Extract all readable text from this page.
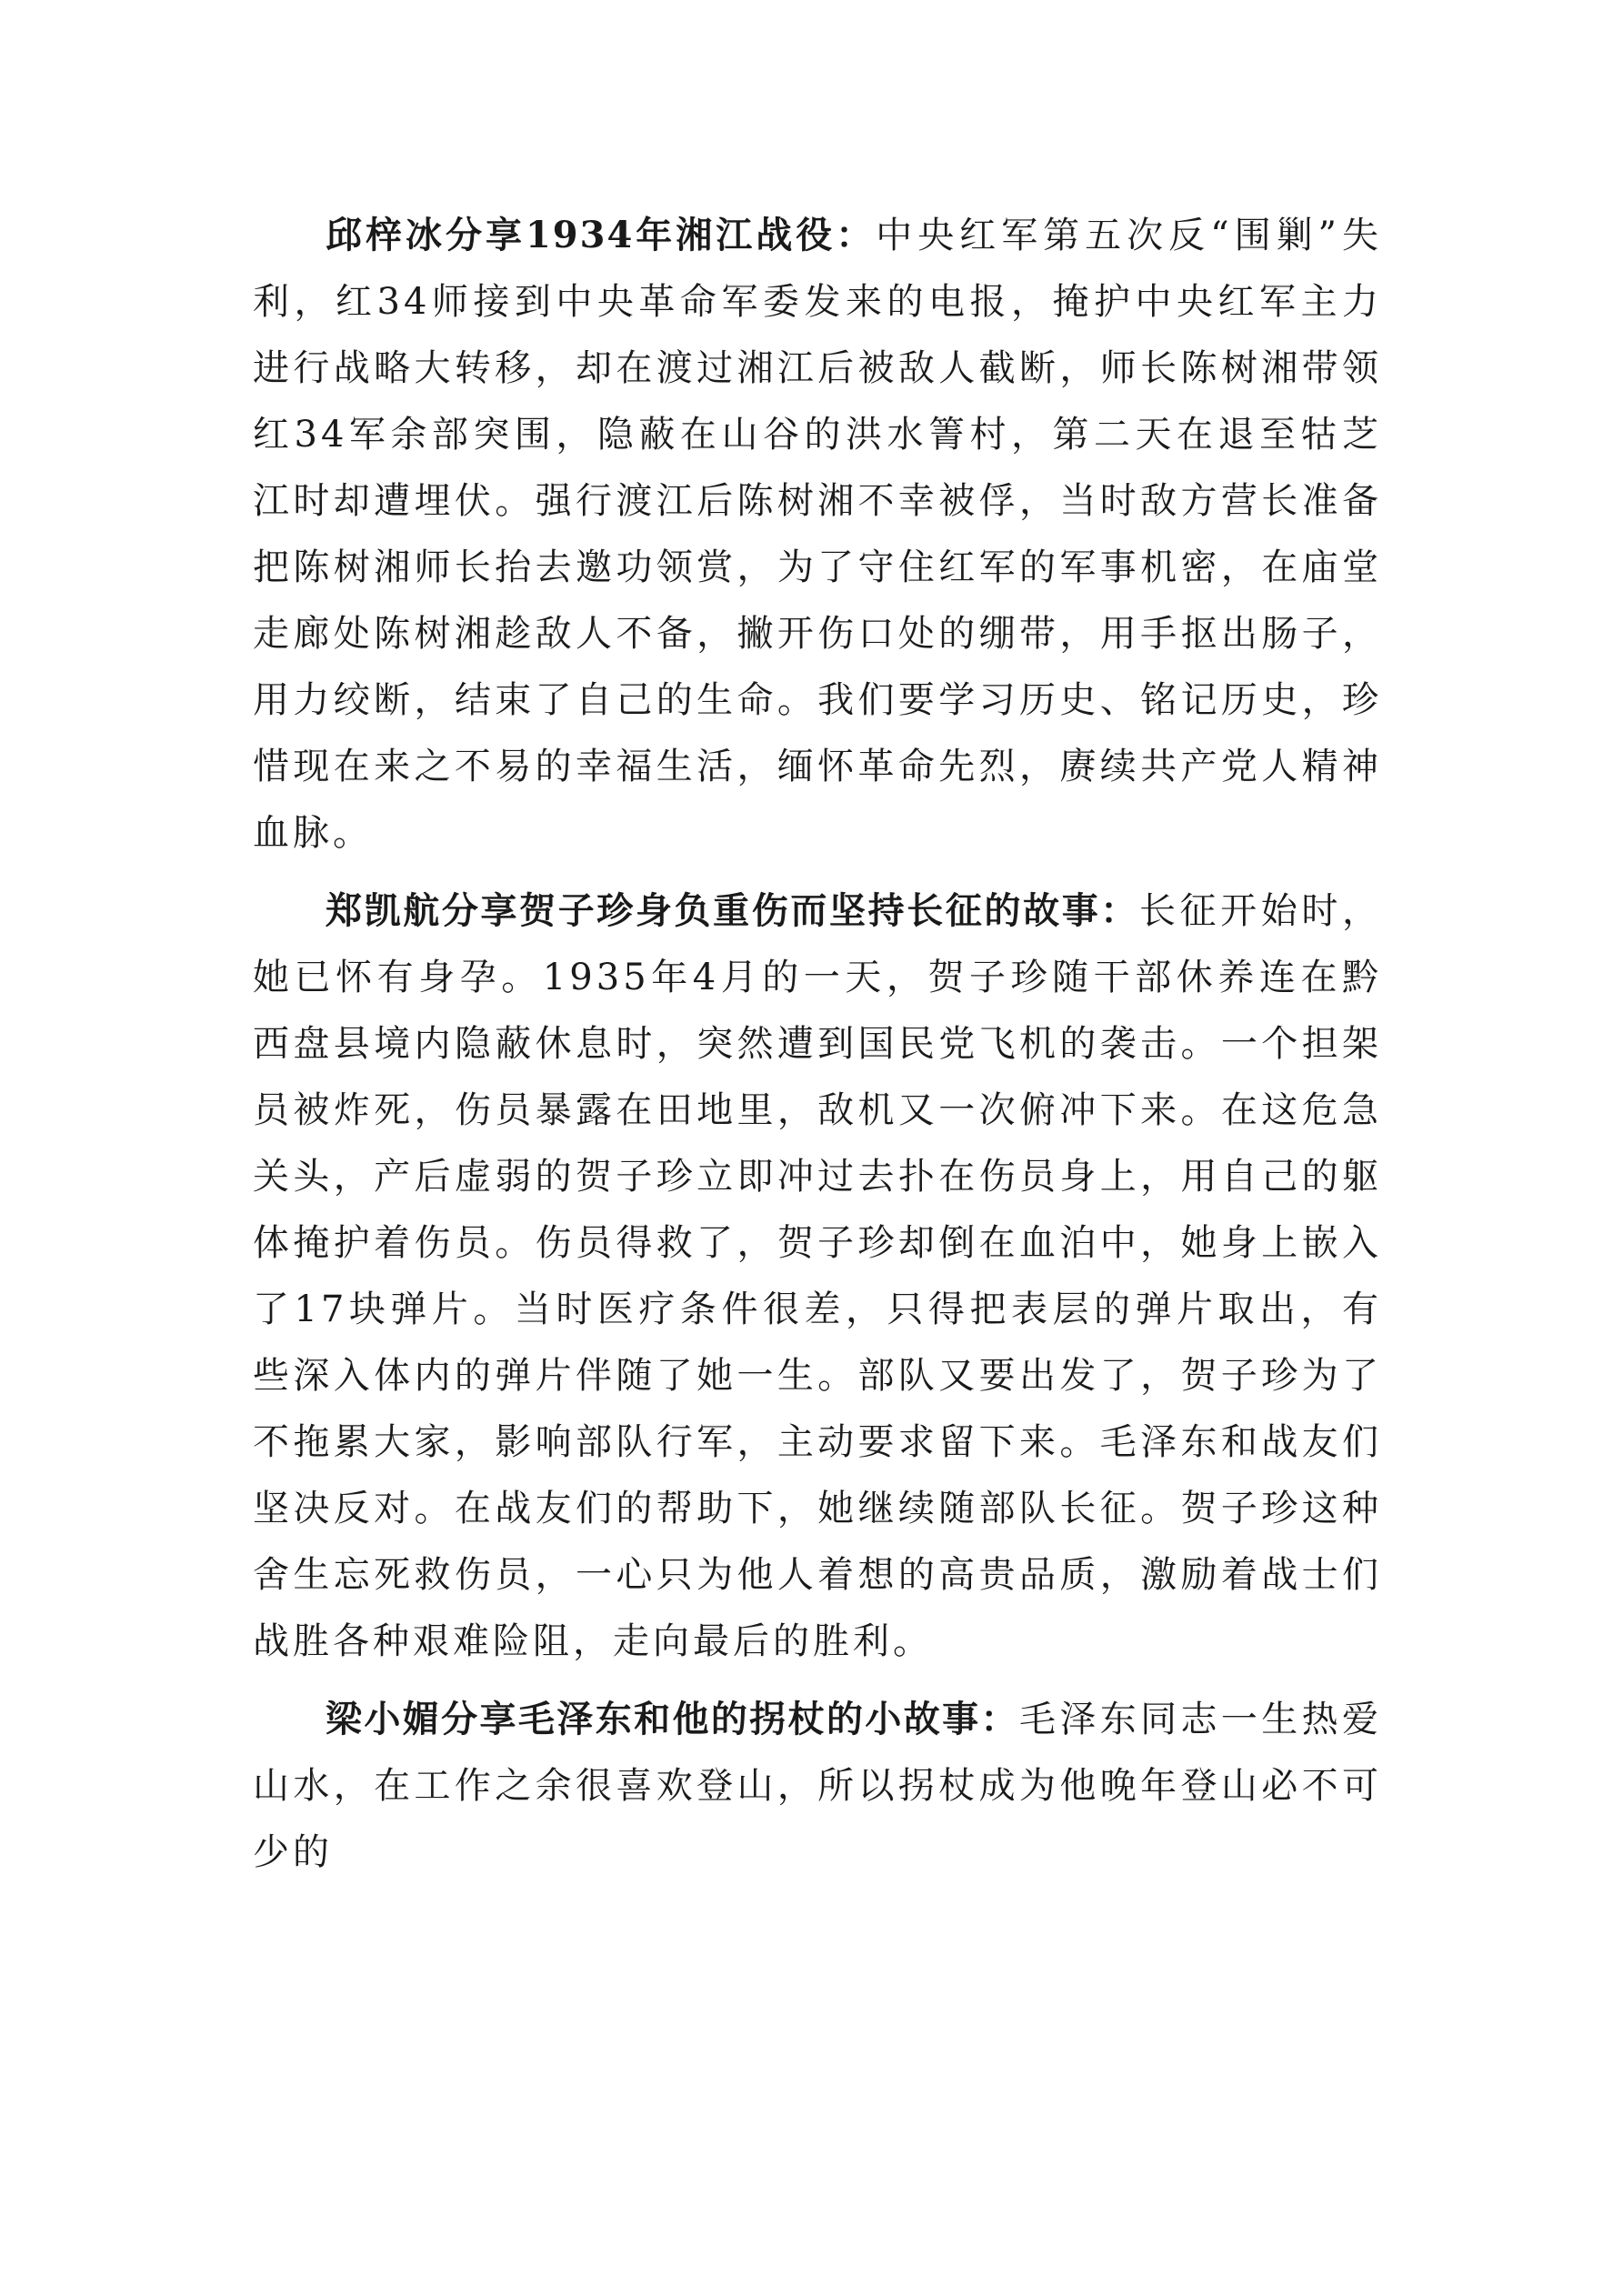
邱梓冰分享1934年湘江战役：中央红军第五次反“围剿”失利，红34师接到中央革命军委发来的电报，掩护中央红军主力进行战略大转移，却在渡过湘江后被敌人截断，师长陈树湘带领红34军余部突围，隐蔽在山谷的洪水箐村，第二天在退至牯芝江时却遭埋伏。强行渡江后陈树湘不幸被俘，当时敌方营长准备把陈树湘师长抬去邀功领赏，为了守住红军的军事机密，在庙堂走廊处陈树湘趁敌人不备，撇开伤口处的绷带，用手抠出肠子，用力绞断，结束了自己的生命。我们要学习历史、铭记历史，珍惜现在来之不易的幸福生活，缅怀革命先烈，赓续共产党人精神血脉。

郑凯航分享贺子珍身负重伤而坚持长征的故事：长征开始时，她已怀有身孕。1935年4月的一天，贺子珍随干部休养连在黔西盘县境内隐蔽休息时，突然遭到国民党飞机的袭击。一个担架员被炸死，伤员暴露在田地里，敌机又一次俯冲下来。在这危急关头，产后虚弱的贺子珍立即冲过去扑在伤员身上，用自己的躯体掩护着伤员。伤员得救了，贺子珍却倒在血泊中，她身上嵌入了17块弹片。当时医疗条件很差，只得把表层的弹片取出，有些深入体内的弹片伴随了她一生。部队又要出发了，贺子珍为了不拖累大家，影响部队行军，主动要求留下来。毛泽东和战友们坚决反对。在战友们的帮助下，她继续随部队长征。贺子珍这种舍生忘死救伤员，一心只为他人着想的高贵品质，激励着战士们战胜各种艰难险阻，走向最后的胜利。

梁小媚分享毛泽东和他的拐杖的小故事：毛泽东同志一生热爱山水，在工作之余很喜欢登山，所以拐杖成为他晚年登山必不可少的
